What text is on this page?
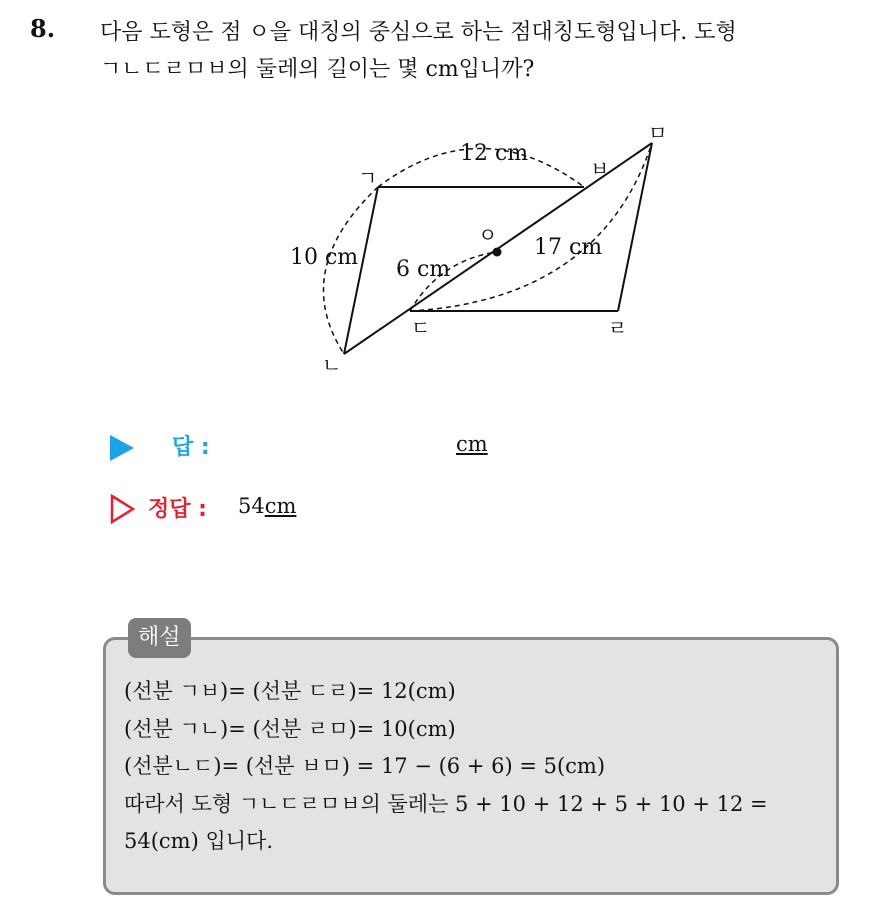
8. 다음 도형은 점 ㅇ을 대칭의 중심으로 하는 점대칭도형입니다. 도형
ㄱㄴㄷㄹㅁㅂ의 둘레의 길이는 몇 cm입니까?
ㄱ
ㄴ
ㄷ	ㄹ
ㅁ
ㅂ
ㅇ
12 cm
10 cm 6 cm
17 cm
답 :	cm
정답 : 54cm
해설
(선분 ㄱㅂ)= (선분 ㄷㄹ)= 12(cm)
(선분 ㄱㄴ)= (선분 ㄹㅁ)= 10(cm)
(선분ㄴㄷ)= (선분 ㅂㅁ) = 17 − (6 + 6) = 5(cm)
따라서 도형 ㄱㄴㄷㄹㅁㅂ의 둘레는 5 + 10 + 12 + 5 + 10 + 12 =
54(cm) 입니다.
